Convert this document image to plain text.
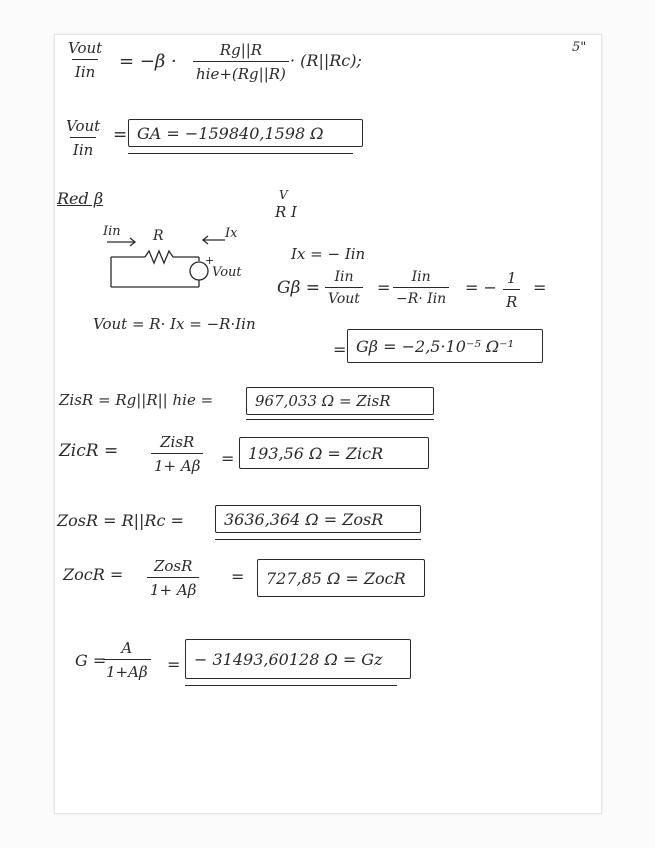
5"
Vout
Iin = −β ·
Rg||R
hie+(Rg||R)
· (R||Rc);
Vout
Iin
= GA = −159840,1598 Ω
Red β
Iin R	Ix
+
Vout
V
R I
Ix = − Iin
Gβ =
Iin
Vout
=
Iin
−R· Iin
= − $\frac{1}{R}$ =
Vout = R· Ix = −R·Iin
= Gβ = −2,5·10⁻⁵ Ω⁻¹
ZisR = Rg||R|| hie =	967,033 Ω = ZisR
ZicR =	ZisR
1+ Aβ = 193,56 Ω = ZicR
ZosR = R||Rc =	3636,364 Ω = ZosR
ZocR = ZosR
1+ Aβ
=	727,85 Ω = ZocR
G =
$\frac{A}{1+A\beta}$ = − 31493,60128 Ω = Gz
